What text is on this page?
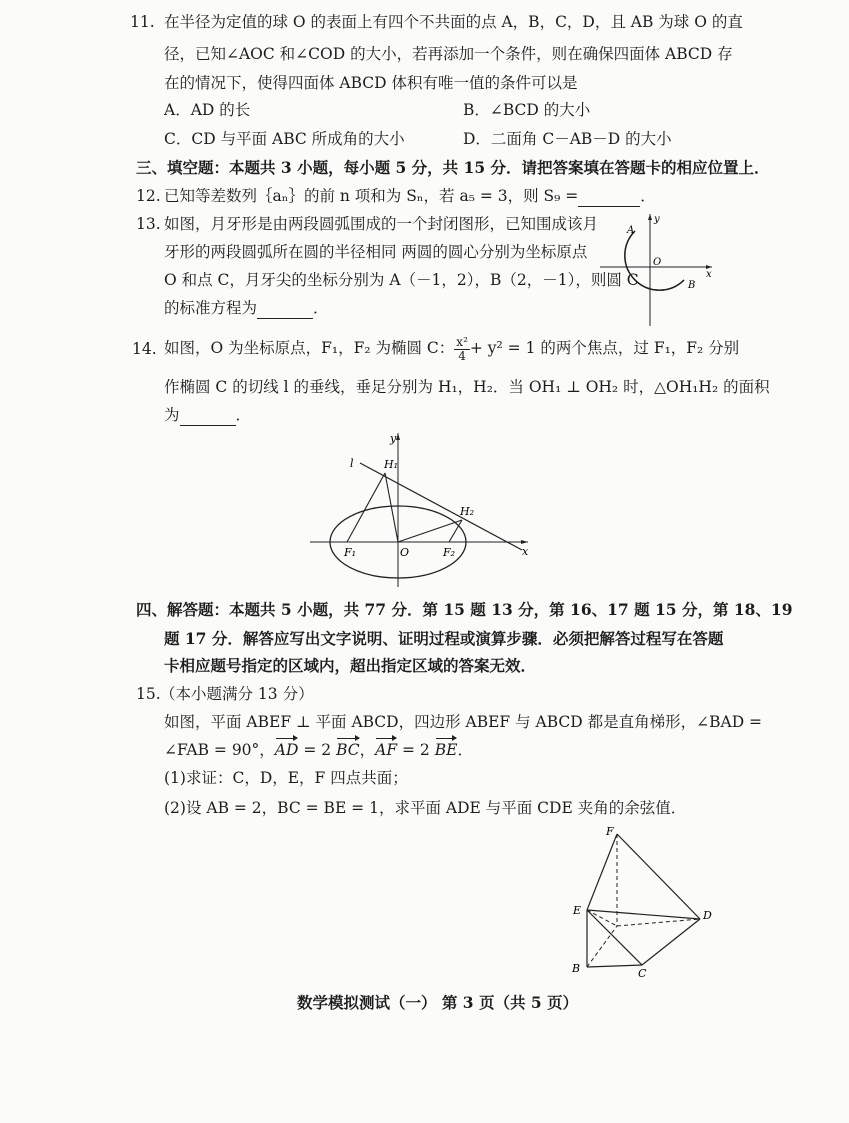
11. 在半径为定值的球 O 的表面上有四个不共面的点 A，B，C，D，且 AB 为球 O 的直
径，已知∠AOC 和∠COD 的大小，若再添加一个条件，则在确保四面体 ABCD 存
在的情况下，使得四面体 ABCD 体积有唯一值的条件可以是
A．AD 的长	B．∠BCD 的大小
C．CD 与平面 ABC 所成角的大小	D．二面角 C－AB－D 的大小
三、填空题：本题共 3 小题，每小题 5 分，共 15 分．请把答案填在答题卡的相应位置上．
12. 已知等差数列｛aₙ｝的前 n 项和为 Sₙ，若 a₅ = 3，则 S₉ =	．
13. 如图，月牙形是由两段圆弧围成的一个封闭图形，已知围成该月
牙形的两段圆弧所在圆的半径相同 两圆的圆心分别为坐标原点
O 和点 C，月牙尖的坐标分别为 A（－1，2），B（2，－1），则圆 C
的标准方程为	．
A
y
O
x
B
14. 如图，O 为坐标原点，F₁，F₂ 为椭圆 C： $\frac{\text{x²}}{4} + y^2 = 1$ 的两个焦点，过 F₁，F₂ 分别
作椭圆 C 的切线 l 的垂线，垂足分别为 H₁，H₂．当 OH₁ ⊥ OH₂ 时，△OH₁H₂ 的面积
为	．
l
y
H₁
H₂
F₁	O	F₂	x
四、解答题：本题共 5 小题，共 77 分．第 15 题 13 分，第 16、17 题 15 分，第 18、19
题 17 分．解答应写出文字说明、证明过程或演算步骤．必须把解答过程写在答题
卡相应题号指定的区域内，超出指定区域的答案无效．
15. （本小题满分 13 分）
如图，平面 ABEF ⊥ 平面 ABCD，四边形 ABEF 与 ABCD 都是直角梯形，∠BAD =
∠FAB = 90°，AD = 2 BC，AF = 2 BE．
(1)求证：C，D，E，F 四点共面；
(2)设 AB = 2，BC = BE = 1，求平面 ADE 与平面 CDE 夹角的余弦值．
F
E	D
B	C
数学模拟测试（一） 第 3 页（共 5 页）
